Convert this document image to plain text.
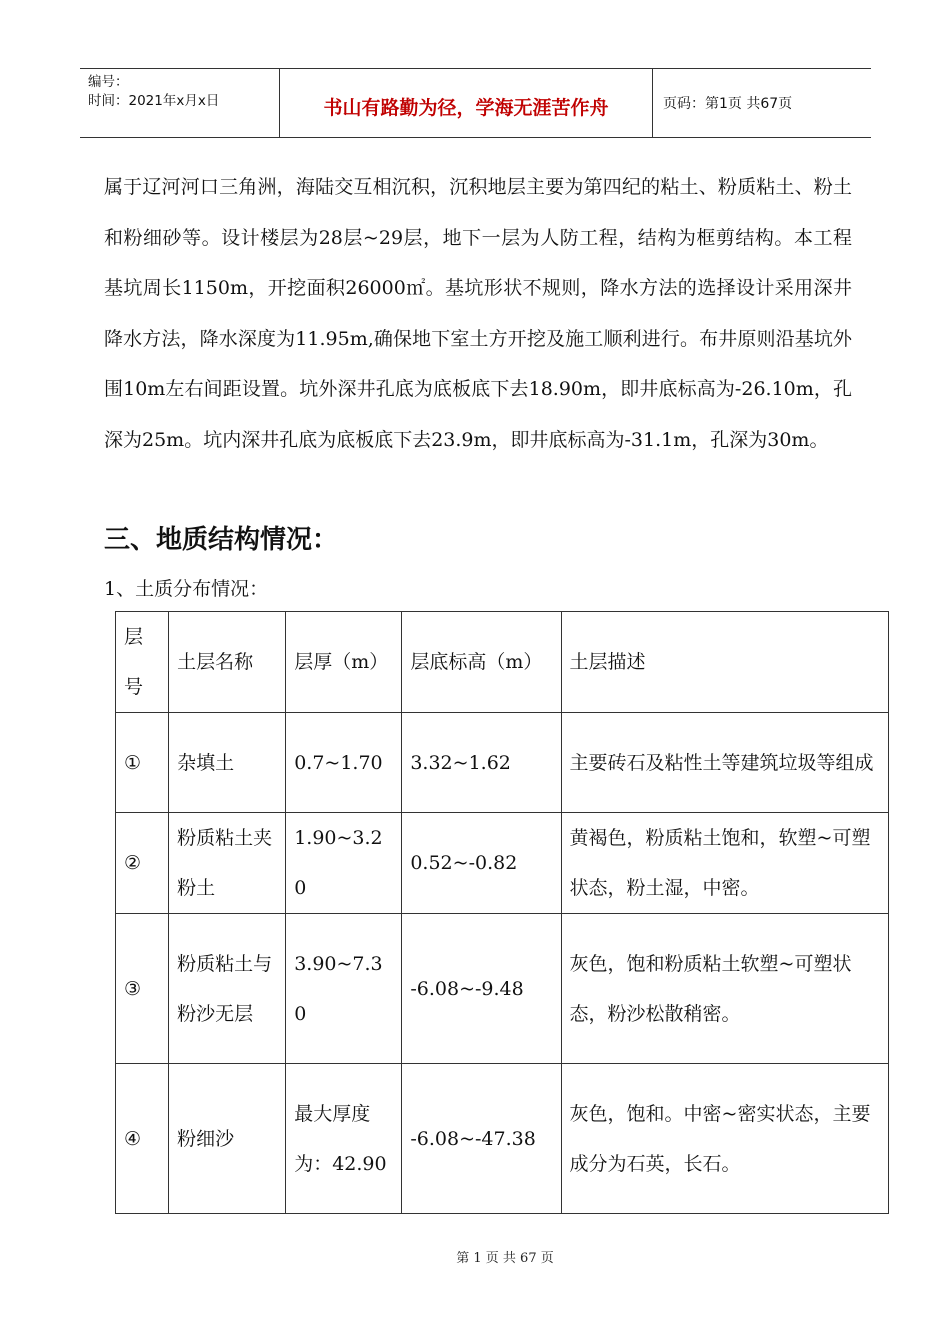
编号：
时间：2021年x月x日	书山有路勤为径，学海无涯苦作舟	页码：第1页 共67页
属于辽河河口三角洲，海陆交互相沉积，沉积地层主要为第四纪的粘土、粉质粘土、粉土和粉细砂等。设计楼层为28层~29层，地下一层为人防工程，结构为框剪结构。本工程基坑周长1150m，开挖面积26000㎡。基坑形状不规则，降水方法的选择设计采用深井降水方法，降水深度为11.95m,确保地下室土方开挖及施工顺利进行。布井原则沿基坑外围10m左右间距设置。坑外深井孔底为底板底下去18.90m，即井底标高为-26.10m，孔深为25m。坑内深井孔底为底板底下去23.9m，即井底标高为-31.1m，孔深为30m。
三、地质结构情况：
1、土质分布情况：
层号	土层名称	层厚（m）	层底标高（m）	土层描述
①	杂填土	0.7~1.70	3.32~1.62	主要砖石及粘性土等建筑垃圾等组成
②	粉质粘土夹粉土	1.90~3.20	0.52~-0.82	黄褐色，粉质粘土饱和，软塑~可塑状态，粉土湿，中密。
③	粉质粘土与粉沙无层	3.90~7.30	-6.08~-9.48	灰色，饱和粉质粘土软塑~可塑状态，粉沙松散稍密。
④	粉细沙	最大厚度为：42.90	-6.08~-47.38	灰色，饱和。中密~密实状态，主要成分为石英，长石。
第 1 页 共 67 页
